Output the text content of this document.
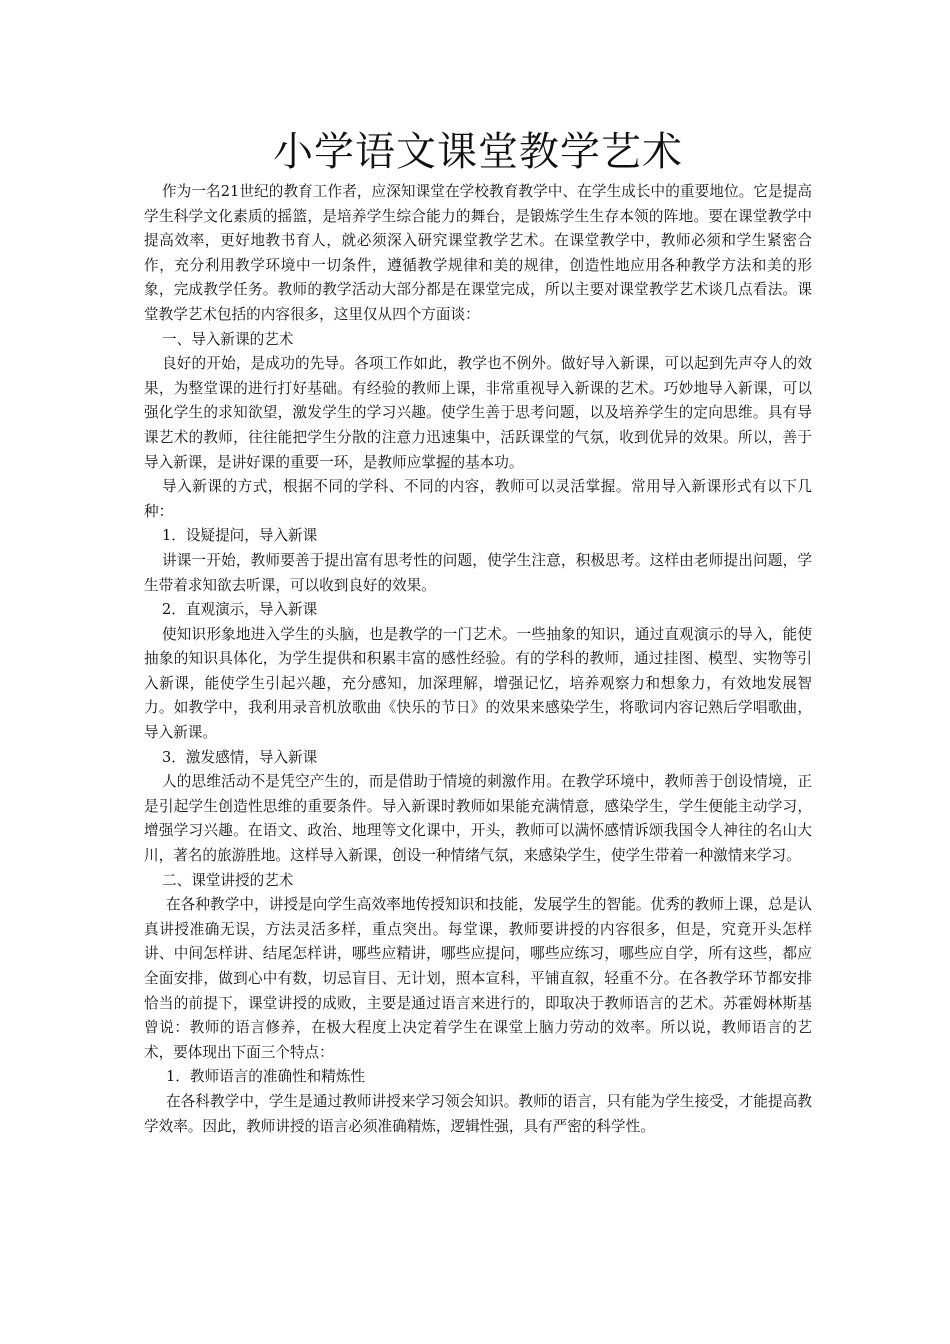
小学语文课堂教学艺术

作为一名21世纪的教育工作者，应深知课堂在学校教育教学中、在学生成长中的重要地位。它是提高学生科学文化素质的摇篮，是培养学生综合能力的舞台，是锻炼学生生存本领的阵地。要在课堂教学中提高效率，更好地教书育人，就必须深入研究课堂教学艺术。在课堂教学中，教师必须和学生紧密合作，充分利用教学环境中一切条件，遵循教学规律和美的规律，创造性地应用各种教学方法和美的形象，完成教学任务。教师的教学活动大部分都是在课堂完成，所以主要对课堂教学艺术谈几点看法。课堂教学艺术包括的内容很多，这里仅从四个方面谈：

一、导入新课的艺术

良好的开始，是成功的先导。各项工作如此，教学也不例外。做好导入新课，可以起到先声夺人的效果，为整堂课的进行打好基础。有经验的教师上课，非常重视导入新课的艺术。巧妙地导入新课，可以强化学生的求知欲望，激发学生的学习兴趣。使学生善于思考问题，以及培养学生的定向思维。具有导课艺术的教师，往往能把学生分散的注意力迅速集中，活跃课堂的气氛，收到优异的效果。所以，善于导入新课，是讲好课的重要一环，是教师应掌握的基本功。

导入新课的方式，根据不同的学科、不同的内容，教师可以灵活掌握。常用导入新课形式有以下几种：

1．设疑提问，导入新课

讲课一开始，教师要善于提出富有思考性的问题，使学生注意，积极思考。这样由老师提出问题，学生带着求知欲去听课，可以收到良好的效果。

2．直观演示，导入新课

使知识形象地进入学生的头脑，也是教学的一门艺术。一些抽象的知识，通过直观演示的导入，能使抽象的知识具体化，为学生提供和积累丰富的感性经验。有的学科的教师，通过挂图、模型、实物等引入新课，能使学生引起兴趣，充分感知，加深理解，增强记忆，培养观察力和想象力，有效地发展智力。如教学中，我利用录音机放歌曲《快乐的节日》的效果来感染学生，将歌词内容记熟后学唱歌曲，导入新课。

3．激发感情，导入新课

人的思维活动不是凭空产生的，而是借助于情境的刺激作用。在教学环境中，教师善于创设情境，正是引起学生创造性思维的重要条件。导入新课时教师如果能充满情意，感染学生，学生便能主动学习，增强学习兴趣。在语文、政治、地理等文化课中，开头，教师可以满怀感情诉颂我国令人神往的名山大川，著名的旅游胜地。这样导入新课，创设一种情绪气氛，来感染学生，使学生带着一种激情来学习。

二、课堂讲授的艺术

在各种教学中，讲授是向学生高效率地传授知识和技能，发展学生的智能。优秀的教师上课，总是认真讲授准确无误，方法灵活多样，重点突出。每堂课，教师要讲授的内容很多，但是，究竟开头怎样讲、中间怎样讲、结尾怎样讲，哪些应精讲，哪些应提问，哪些应练习，哪些应自学，所有这些，都应全面安排，做到心中有数，切忌盲目、无计划，照本宣科，平铺直叙，轻重不分。在各教学环节都安排恰当的前提下，课堂讲授的成败，主要是通过语言来进行的，即取决于教师语言的艺术。苏霍姆林斯基曾说：教师的语言修养，在极大程度上决定着学生在课堂上脑力劳动的效率。所以说，教师语言的艺术，要体现出下面三个特点：

1．教师语言的准确性和精炼性

在各科教学中，学生是通过教师讲授来学习领会知识。教师的语言，只有能为学生接受，才能提高教学效率。因此，教师讲授的语言必须准确精炼，逻辑性强，具有严密的科学性。
